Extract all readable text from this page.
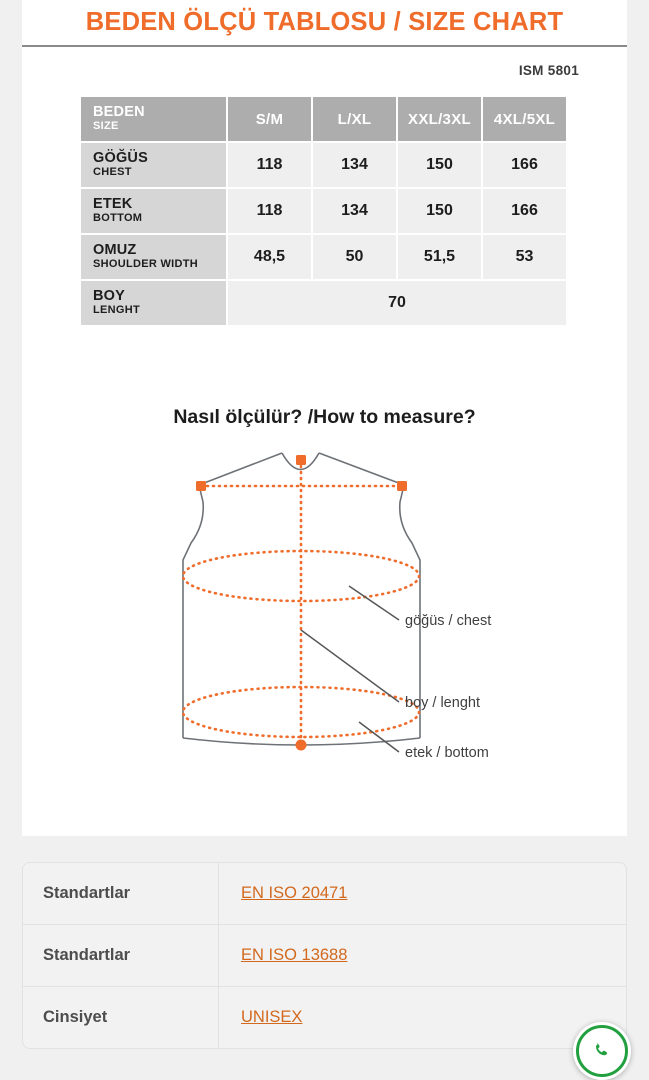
BEDEN ÖLÇÜ TABLOSU / SIZE CHART
ISM 5801
BEDEN
SIZE	S/M	L/XL	XXL/3XL	4XL/5XL

GÖĞÜS
CHEST	118	134	150	166

ETEK
BOTTOM	118	134	150	166

OMUZ
SHOULDER WIDTH	48,5	50	51,5	53

BOY
LENGHT	70			
Nasıl ölçülür? /How to measure?
göğüs / chest
boy / lenght
etek / bottom
Standartlar	EN ISO 20471
Standartlar	EN ISO 13688
Cinsiyet	UNISEX
